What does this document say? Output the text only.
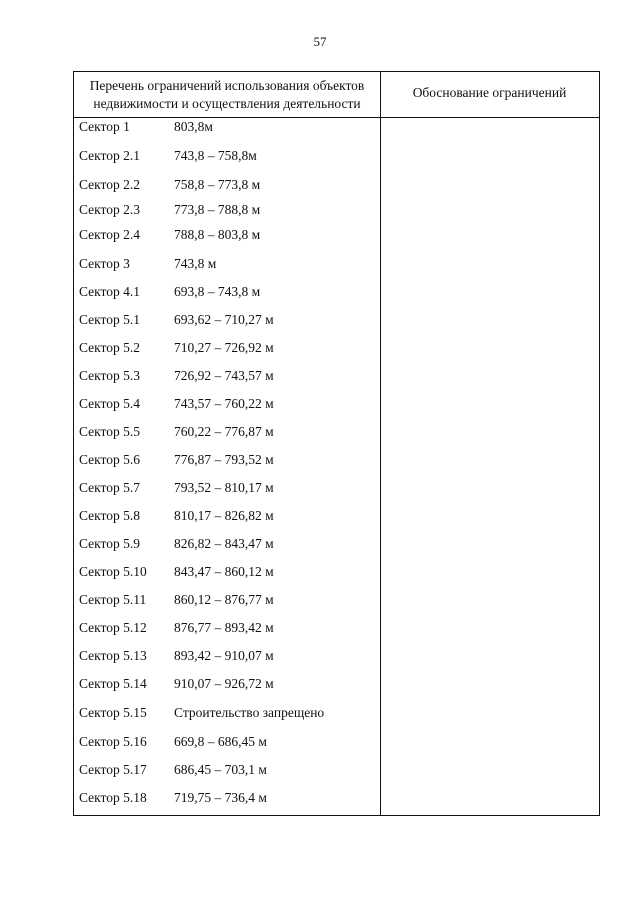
57
Перечень ограничений использования объектов
недвижимости и осуществления деятельности
Обоснование ограничений
Сектор 1	803,8м
Сектор 2.1	743,8 – 758,8м
Сектор 2.2	758,8 – 773,8 м
Сектор 2.3	773,8 – 788,8 м
Сектор 2.4	788,8 – 803,8 м
Сектор 3	743,8 м
Сектор 4.1	693,8 – 743,8 м
Сектор 5.1	693,62 – 710,27 м
Сектор 5.2	710,27 – 726,92 м
Сектор 5.3	726,92 – 743,57 м
Сектор 5.4	743,57 – 760,22 м
Сектор 5.5	760,22 – 776,87 м
Сектор 5.6	776,87 – 793,52 м
Сектор 5.7	793,52 – 810,17 м
Сектор 5.8	810,17 – 826,82 м
Сектор 5.9	826,82 – 843,47 м
Сектор 5.10 843,47 – 860,12 м
Сектор 5.11 860,12 – 876,77 м
Сектор 5.12 876,77 – 893,42 м
Сектор 5.13 893,42 – 910,07 м
Сектор 5.14 910,07 – 926,72 м
Сектор 5.15 Строительство запрещено
Сектор 5.16 669,8 – 686,45 м
Сектор 5.17 686,45 – 703,1 м
Сектор 5.18 719,75 – 736,4 м
